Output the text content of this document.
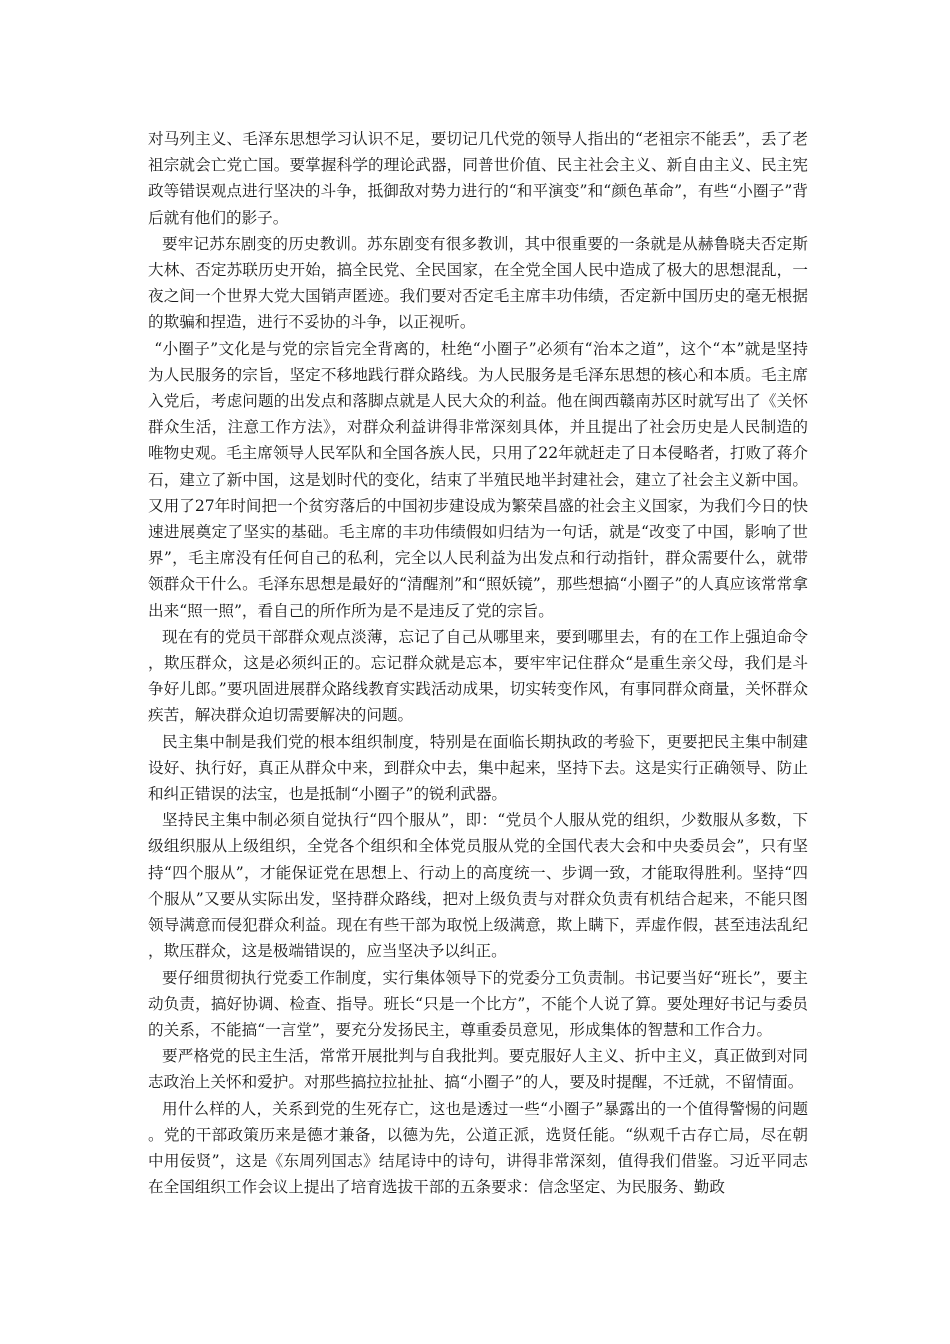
对马列主义、毛泽东思想学习认识不足，要切记几代党的领导人指出的“老祖宗不能丢”，丢了老祖宗就会亡党亡国。要掌握科学的理论武器，同普世价值、民主社会主义、新自由主义、民主宪政等错误观点进行坚决的斗争，抵御敌对势力进行的“和平演变”和“颜色革命”，有些“小圈子”背后就有他们的影子。

要牢记苏东剧变的历史教训。苏东剧变有很多教训，其中很重要的一条就是从赫鲁晓夫否定斯大林、否定苏联历史开始，搞全民党、全民国家，在全党全国人民中造成了极大的思想混乱，一夜之间一个世界大党大国销声匿迹。我们要对否定毛主席丰功伟绩，否定新中国历史的毫无根据的欺骗和捏造，进行不妥协的斗争，以正视听。

“小圈子”文化是与党的宗旨完全背离的，杜绝“小圈子”必须有“治本之道”，这个“本”就是坚持为人民服务的宗旨，坚定不移地践行群众路线。为人民服务是毛泽东思想的核心和本质。毛主席入党后，考虑问题的出发点和落脚点就是人民大众的利益。他在闽西赣南苏区时就写出了《关怀群众生活，注意工作方法》，对群众利益讲得非常深刻具体，并且提出了社会历史是人民制造的唯物史观。毛主席领导人民军队和全国各族人民，只用了22年就赶走了日本侵略者，打败了蒋介石，建立了新中国，这是划时代的变化，结束了半殖民地半封建社会，建立了社会主义新中国。又用了27年时间把一个贫穷落后的中国初步建设成为繁荣昌盛的社会主义国家，为我们今日的快速进展奠定了坚实的基础。毛主席的丰功伟绩假如归结为一句话，就是“改变了中国，影响了世界”，毛主席没有任何自己的私利，完全以人民利益为出发点和行动指针，群众需要什么，就带领群众干什么。毛泽东思想是最好的“清醒剂”和“照妖镜”，那些想搞“小圈子”的人真应该常常拿出来“照一照”，看自己的所作所为是不是违反了党的宗旨。

现在有的党员干部群众观点淡薄，忘记了自己从哪里来，要到哪里去，有的在工作上强迫命令，欺压群众，这是必须纠正的。忘记群众就是忘本，要牢牢记住群众“是重生亲父母，我们是斗争好儿郎。”要巩固进展群众路线教育实践活动成果，切实转变作风，有事同群众商量，关怀群众疾苦，解决群众迫切需要解决的问题。

民主集中制是我们党的根本组织制度，特别是在面临长期执政的考验下，更要把民主集中制建设好、执行好，真正从群众中来，到群众中去，集中起来，坚持下去。这是实行正确领导、防止和纠正错误的法宝，也是抵制“小圈子”的锐利武器。

坚持民主集中制必须自觉执行“四个服从”，即：“党员个人服从党的组织，少数服从多数，下级组织服从上级组织，全党各个组织和全体党员服从党的全国代表大会和中央委员会”，只有坚持“四个服从”，才能保证党在思想上、行动上的高度统一、步调一致，才能取得胜利。坚持“四个服从”又要从实际出发，坚持群众路线，把对上级负责与对群众负责有机结合起来，不能只图领导满意而侵犯群众利益。现在有些干部为取悦上级满意，欺上瞒下，弄虚作假，甚至违法乱纪，欺压群众，这是极端错误的，应当坚决予以纠正。

要仔细贯彻执行党委工作制度，实行集体领导下的党委分工负责制。书记要当好“班长”，要主动负责，搞好协调、检查、指导。班长“只是一个比方”，不能个人说了算。要处理好书记与委员的关系，不能搞“一言堂”，要充分发扬民主，尊重委员意见，形成集体的智慧和工作合力。

要严格党的民主生活，常常开展批判与自我批判。要克服好人主义、折中主义，真正做到对同志政治上关怀和爱护。对那些搞拉拉扯扯、搞“小圈子”的人，要及时提醒，不迁就，不留情面。

用什么样的人，关系到党的生死存亡，这也是透过一些“小圈子”暴露出的一个值得警惕的问题。党的干部政策历来是德才兼备，以德为先，公道正派，选贤任能。“纵观千古存亡局，尽在朝中用佞贤”，这是《东周列国志》结尾诗中的诗句，讲得非常深刻，值得我们借鉴。习近平同志在全国组织工作会议上提出了培育选拔干部的五条要求：信念坚定、为民服务、勤政
